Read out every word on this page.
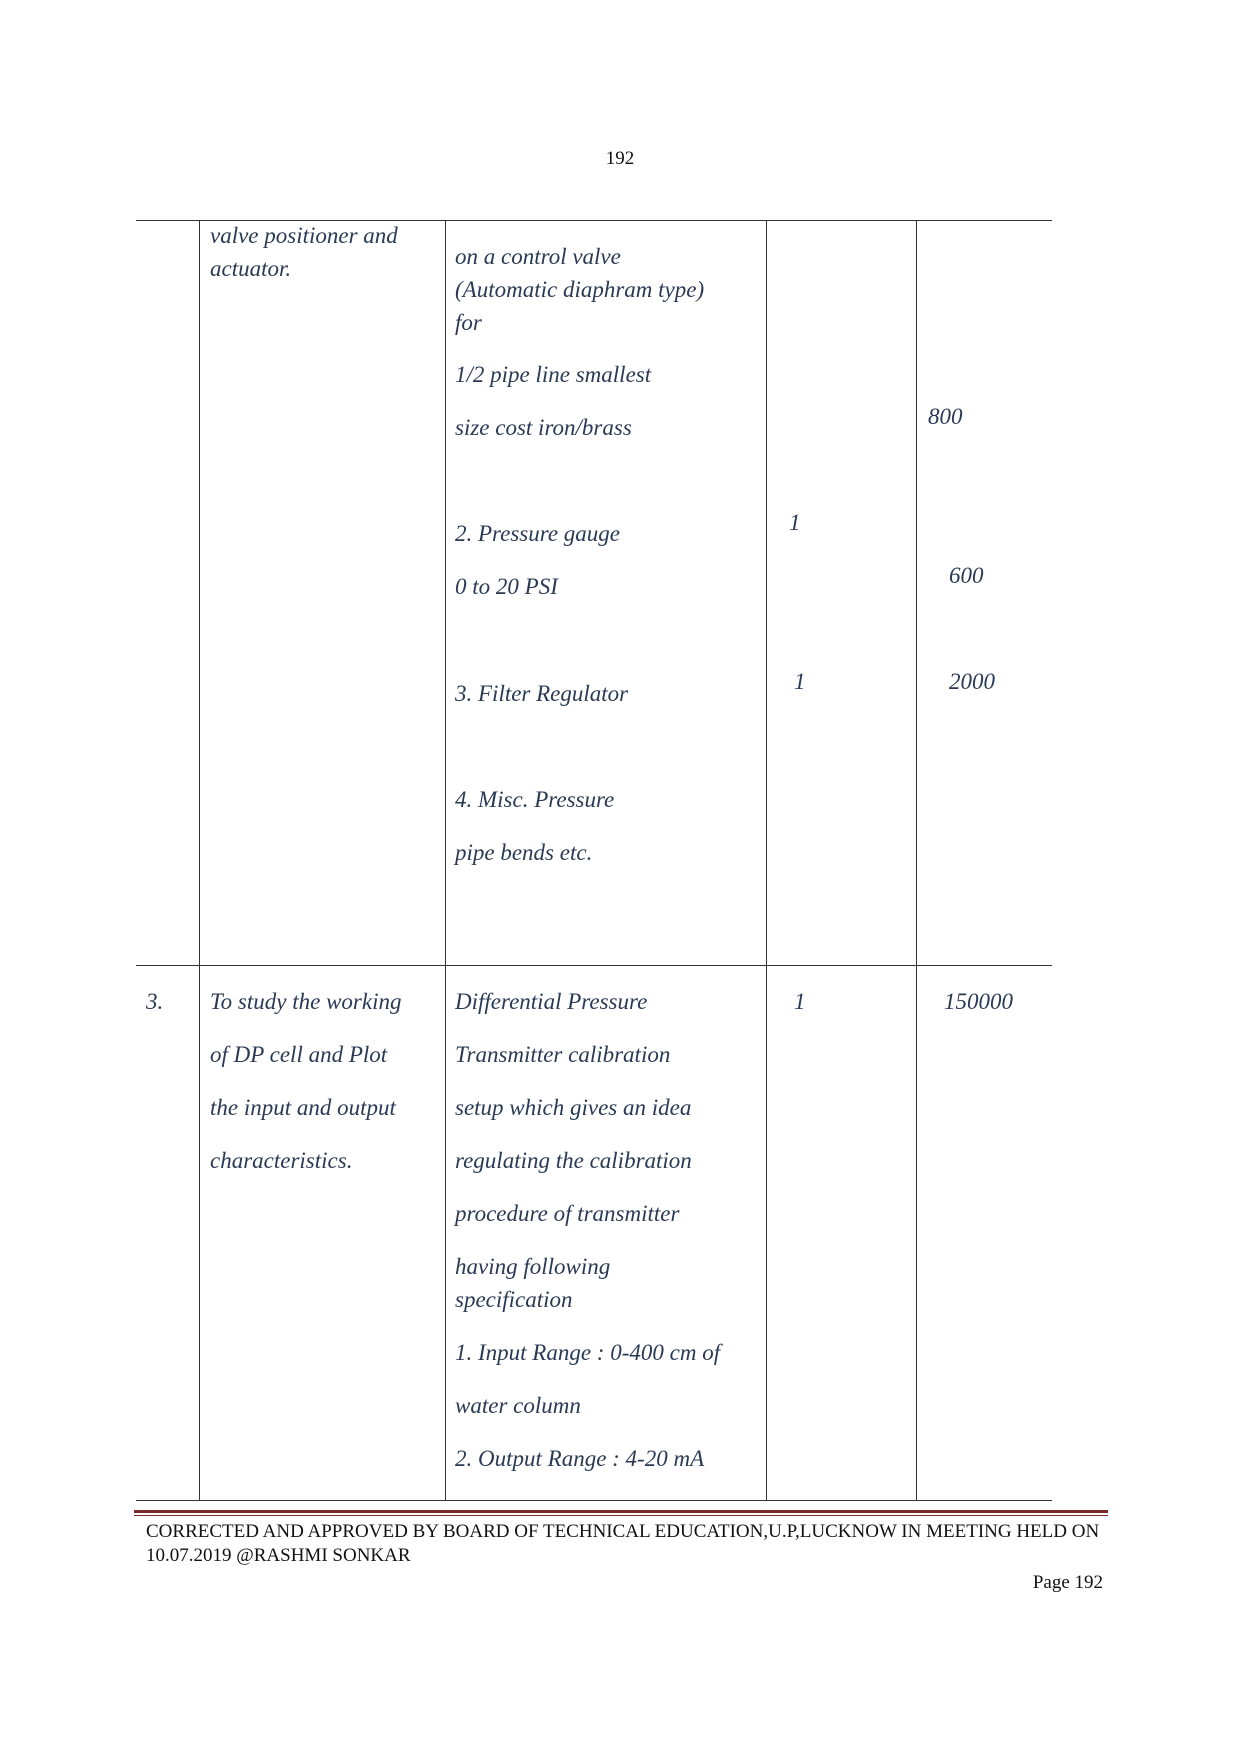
192
valve positioner and
actuator.	on a control valve
(Automatic diaphram type)
for
1/2 pipe line smallest
size cost iron/brass
2. Pressure gauge
0 to 20 PSI
3. Filter Regulator
4. Misc. Pressure
pipe bends etc.
1
1
800
600
2000
3. To study the working
of DP cell and Plot
the input and output
characteristics.
Differential Pressure
Transmitter calibration
setup which gives an idea
regulating the calibration
procedure of transmitter
having following
specification
1. Input Range : 0-400 cm of
water column
2. Output Range : 4-20 mA
1	150000
CORRECTED AND APPROVED BY BOARD OF TECHNICAL EDUCATION,U.P,LUCKNOW IN MEETING HELD ON
10.07.2019 @RASHMI SONKAR
Page 192
